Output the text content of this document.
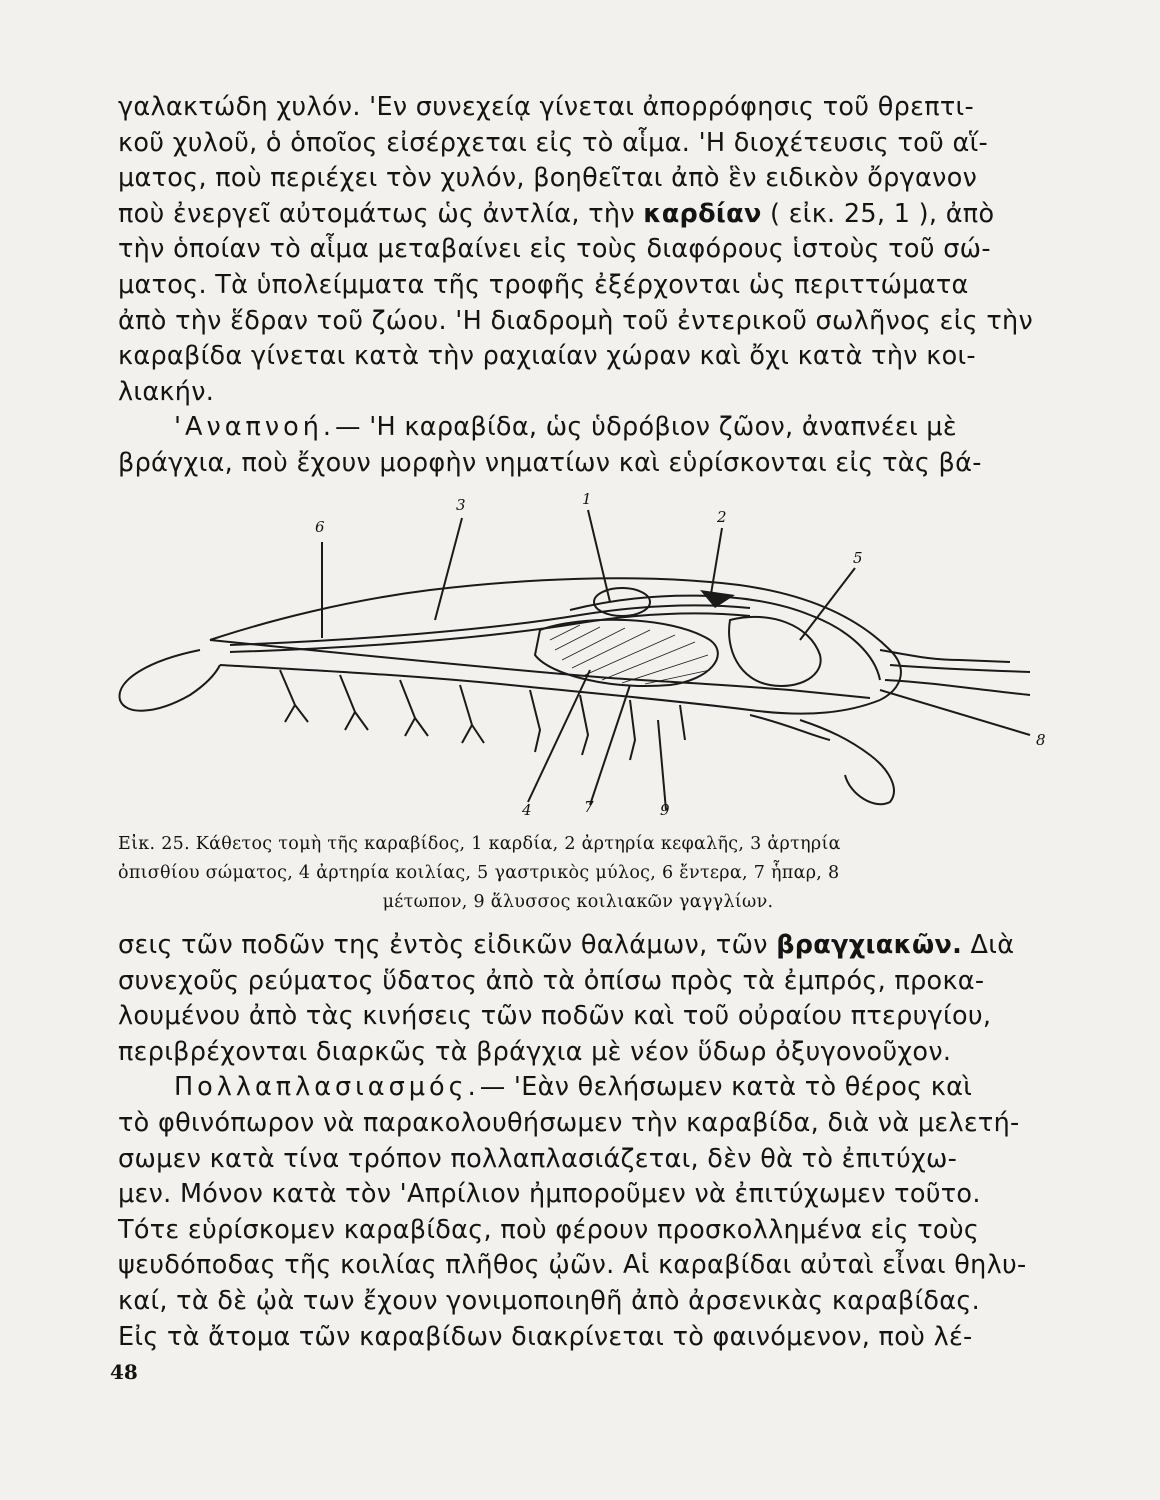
γαλακτώδη χυλόν. 'Εν συνεχείᾳ γίνεται ἀπορρόφησις τοῦ θρεπτι-
κοῦ χυλοῦ, ὁ ὁποῖος εἰσέρχεται εἰς τὸ αἷμα. 'Η διοχέτευσις τοῦ αἵ-
ματος, ποὺ περιέχει τὸν χυλόν, βοηθεῖται ἀπὸ ἓν ειδικὸν ὄργανον
ποὺ ἐνεργεῖ αὐτομάτως ὡς ἀντλία, τὴν καρδίαν ( εἰκ. 25, 1 ), ἀπὸ
τὴν ὁποίαν τὸ αἷμα μεταβαίνει εἰς τοὺς διαφόρους ἱστοὺς τοῦ σώ-
ματος. Τὰ ὑπολείμματα τῆς τροφῆς ἐξέρχονται ὡς περιττώματα
ἀπὸ τὴν ἕδραν τοῦ ζώου. 'Η διαδρομὴ τοῦ ἐντερικοῦ σωλῆνος εἰς τὴν
καραβίδα γίνεται κατὰ τὴν ραχιαίαν χώραν καὶ ὄχι κατὰ τὴν κοι-
λιακήν.
'Αναπνοή.— 'Η καραβίδα, ὡς ὑδρόβιον ζῶον, ἀναπνέει μὲ
βράγχια, ποὺ ἔχουν μορφὴν νηματίων καὶ εὑρίσκονται εἰς τὰς βά-
6
3	1
2
5
4	7	9
8
Εἰκ. 25. Κάθετος τομὴ τῆς καραβίδος, 1 καρδία, 2 ἀρτηρία κεφαλῆς, 3 ἀρτηρία
ὀπισθίου σώματος, 4 ἀρτηρία κοιλίας, 5 γαστρικὸς μύλος, 6 ἔντερα, 7 ἧπαρ, 8
μέτωπον, 9 ἅλυσσος κοιλιακῶν γαγγλίων.
σεις τῶν ποδῶν της ἐντὸς εἰδικῶν θαλάμων, τῶν βραγχιακῶν. Διὰ
συνεχοῦς ρεύματος ὕδατος ἀπὸ τὰ ὀπίσω πρὸς τὰ ἐμπρός, προκα-
λουμένου ἀπὸ τὰς κινήσεις τῶν ποδῶν καὶ τοῦ οὐραίου πτερυγίου,
περιβρέχονται διαρκῶς τὰ βράγχια μὲ νέον ὕδωρ ὀξυγονοῦχον.
Πολλαπλασιασμός.— 'Εὰν θελήσωμεν κατὰ τὸ θέρος καὶ
τὸ φθινόπωρον νὰ παρακολουθήσωμεν τὴν καραβίδα, διὰ νὰ μελετή-
σωμεν κατὰ τίνα τρόπον πολλαπλασιάζεται, δὲν θὰ τὸ ἐπιτύχω-
μεν. Μόνον κατὰ τὸν 'Απρίλιον ἠμποροῦμεν νὰ ἐπιτύχωμεν τοῦτο.
Τότε εὑρίσκομεν καραβίδας, ποὺ φέρουν προσκολλημένα εἰς τοὺς
ψευδόποδας τῆς κοιλίας πλῆθος ᾠῶν. Αἱ καραβίδαι αὐταὶ εἶναι θηλυ-
καί, τὰ δὲ ᾠὰ των ἔχουν γονιμοποιηθῆ ἀπὸ ἀρσενικὰς καραβίδας.
Εἰς τὰ ἄτομα τῶν καραβίδων διακρίνεται τὸ φαινόμενον, ποὺ λέ-
48
